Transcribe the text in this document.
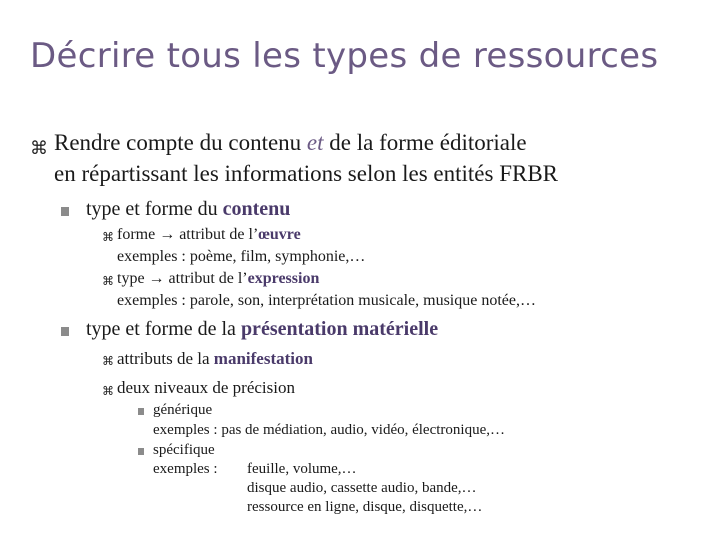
Décrire tous les types de ressources
⌘ Rendre compte du contenu et de la forme éditoriale
en répartissant les informations selon les entités FRBR
type et forme du contenu
⌘ forme → attribut de l’œuvre
exemples : poème, film, symphonie,…
⌘ type → attribut de l’expression
exemples : parole, son, interprétation musicale, musique notée,…
type et forme de la présentation matérielle
⌘ attributs de la manifestation
⌘ deux niveaux de précision
générique
exemples : pas de médiation, audio, vidéo, électronique,…
spécifique
exemples : feuille, volume,…
disque audio, cassette audio, bande,…
ressource en ligne, disque, disquette,…
